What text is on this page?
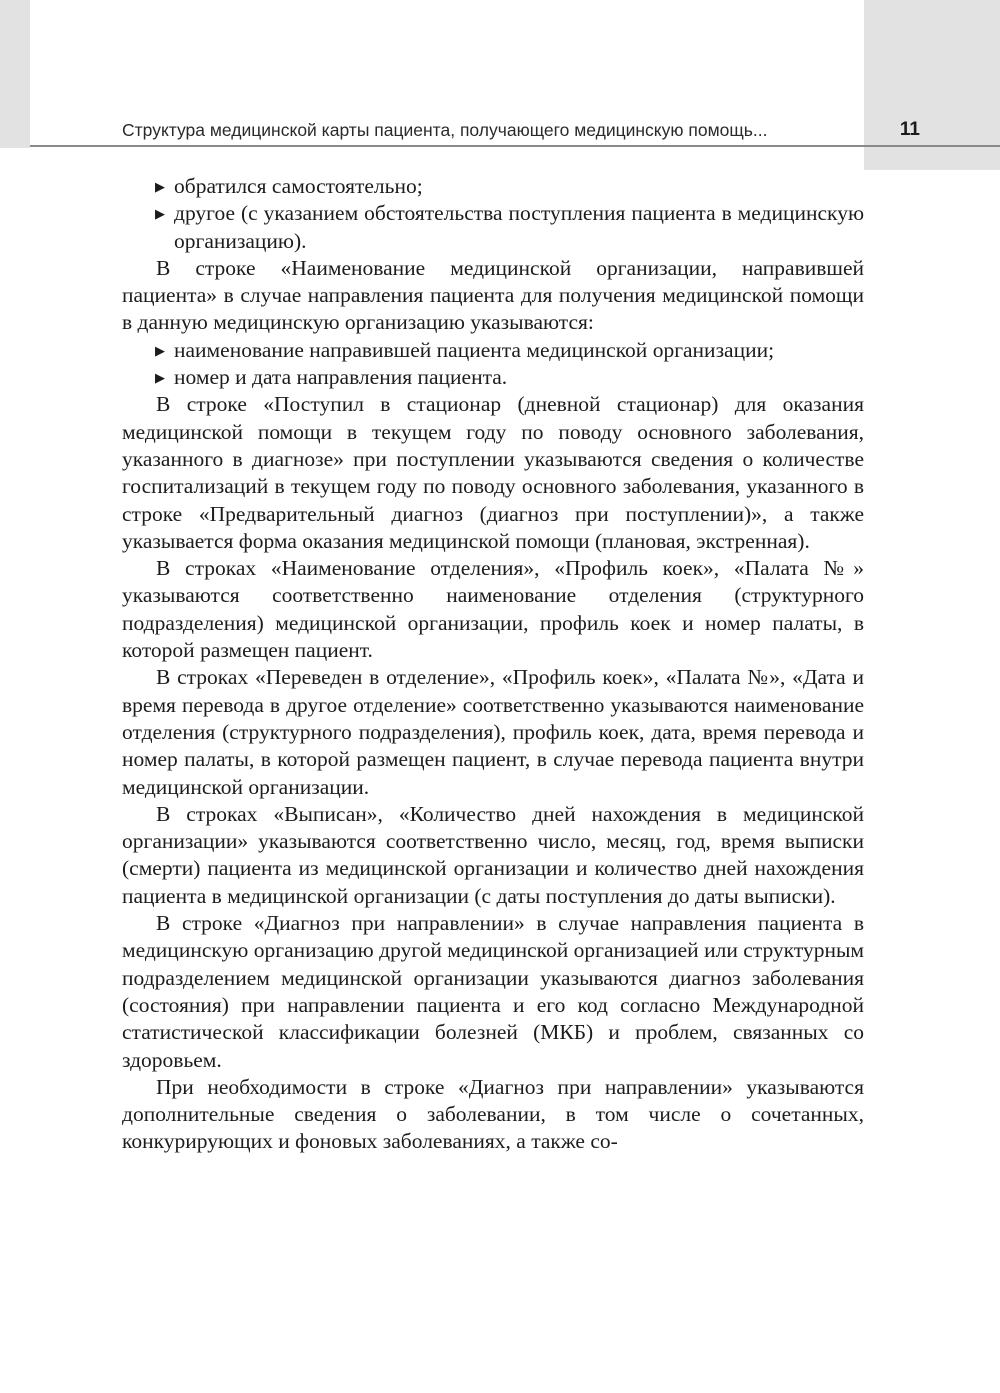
Структура медицинской карты пациента, получающего медицинскую помощь...	11

▶ обратился самостоятельно;

▶ другое (с указанием обстоятельства поступления пациента в медицинскую организацию).

В строке «Наименование медицинской организации, направившей пациента» в случае направления пациента для получения медицинской помощи в данную медицинскую организацию указываются:

▶ наименование направившей пациента медицинской организации;

▶ номер и дата направления пациента.

В строке «Поступил в стационар (дневной стационар) для оказания медицинской помощи в текущем году по поводу основного заболевания, указанного в диагнозе» при поступлении указываются сведения о количестве госпитализаций в текущем году по поводу основного заболевания, указанного в строке «Предварительный диагноз (диагноз при поступлении)», а также указывается форма оказания медицинской помощи (плановая, экстренная).

В строках «Наименование отделения», «Профиль коек», «Палата №» указываются соответственно наименование отделения (структурного подразделения) медицинской организации, профиль коек и номер палаты, в которой размещен пациент.

В строках «Переведен в отделение», «Профиль коек», «Палата №», «Дата и время перевода в другое отделение» соответственно указываются наименование отделения (структурного подразделения), профиль коек, дата, время перевода и номер палаты, в которой размещен пациент, в случае перевода пациента внутри медицинской организации.

В строках «Выписан», «Количество дней нахождения в медицинской организации» указываются соответственно число, месяц, год, время выписки (смерти) пациента из медицинской организации и количество дней нахождения пациента в медицинской организации (с даты поступления до даты выписки).

В строке «Диагноз при направлении» в случае направления пациента в медицинскую организацию другой медицинской организацией или структурным подразделением медицинской организации указываются диагноз заболевания (состояния) при направлении пациента и его код согласно Международной статистической классификации болезней (МКБ) и проблем, связанных со здоровьем.

При необходимости в строке «Диагноз при направлении» указываются дополнительные сведения о заболевании, в том числе о сочетанных, конкурирующих и фоновых заболеваниях, а также со-
